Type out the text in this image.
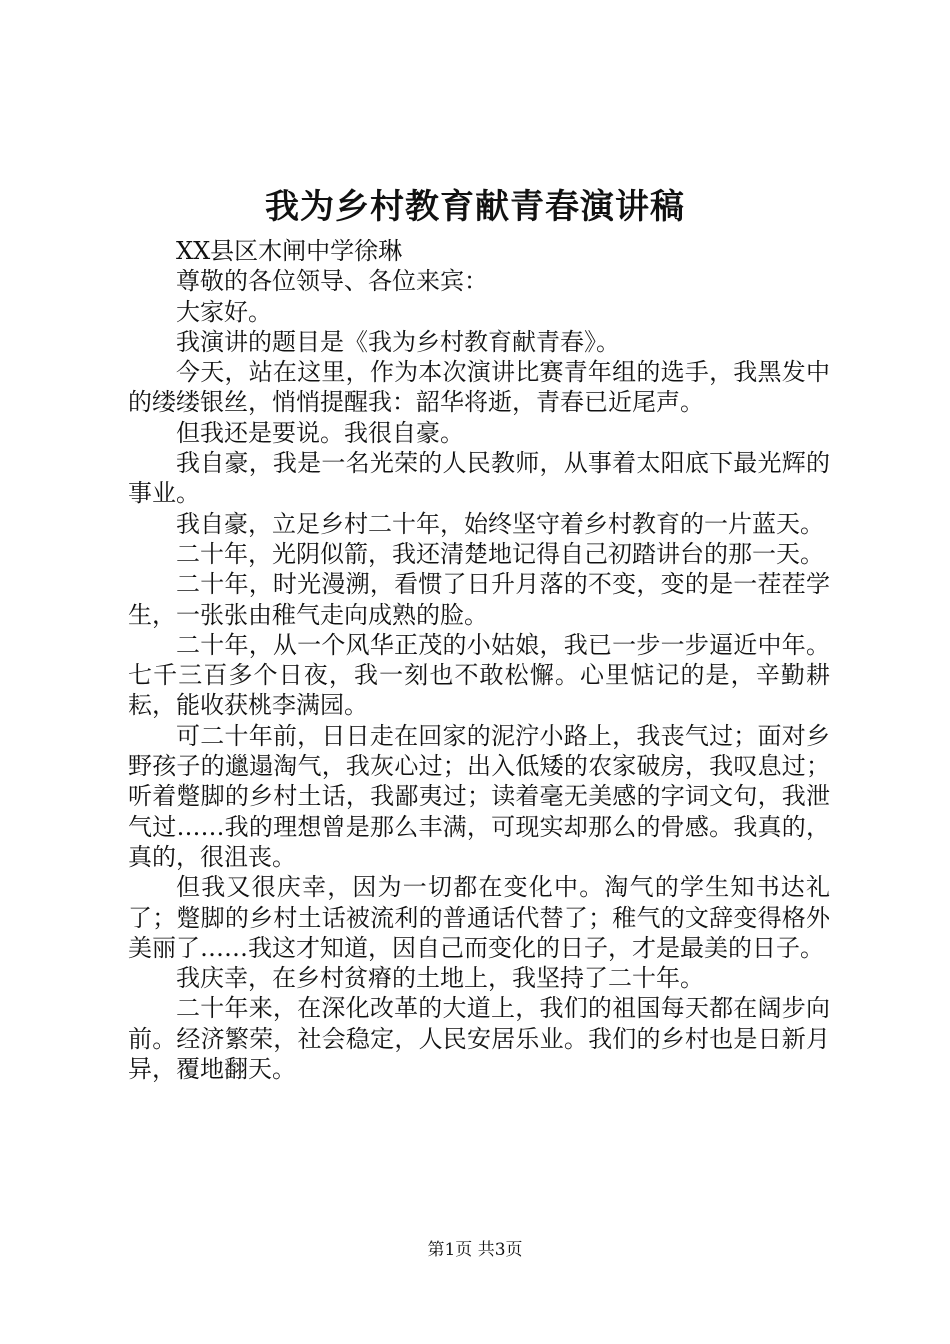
我为乡村教育献青春演讲稿

XX县区木闸中学徐琳

尊敬的各位领导、各位来宾：

大家好。

我演讲的题目是《我为乡村教育献青春》。

今天，站在这里，作为本次演讲比赛青年组的选手，我黑发中的缕缕银丝，悄悄提醒我：韶华将逝，青春已近尾声。

但我还是要说。我很自豪。

我自豪，我是一名光荣的人民教师，从事着太阳底下最光辉的事业。

我自豪，立足乡村二十年，始终坚守着乡村教育的一片蓝天。

二十年，光阴似箭，我还清楚地记得自己初踏讲台的那一天。

二十年，时光漫溯，看惯了日升月落的不变，变的是一茬茬学生，一张张由稚气走向成熟的脸。

二十年，从一个风华正茂的小姑娘，我已一步一步逼近中年。七千三百多个日夜，我一刻也不敢松懈。心里惦记的是，辛勤耕耘，能收获桃李满园。

可二十年前，日日走在回家的泥泞小路上，我丧气过；面对乡野孩子的邋遢淘气，我灰心过；出入低矮的农家破房，我叹息过；听着蹩脚的乡村土话，我鄙夷过；读着毫无美感的字词文句，我泄气过……我的理想曾是那么丰满，可现实却那么的骨感。我真的，真的，很沮丧。

但我又很庆幸，因为一切都在变化中。淘气的学生知书达礼了；蹩脚的乡村土话被流利的普通话代替了；稚气的文辞变得格外美丽了……我这才知道，因自己而变化的日子，才是最美的日子。

我庆幸，在乡村贫瘠的土地上，我坚持了二十年。

二十年来，在深化改革的大道上，我们的祖国每天都在阔步向前。经济繁荣，社会稳定，人民安居乐业。我们的乡村也是日新月异，覆地翻天。

第1页 共3页
